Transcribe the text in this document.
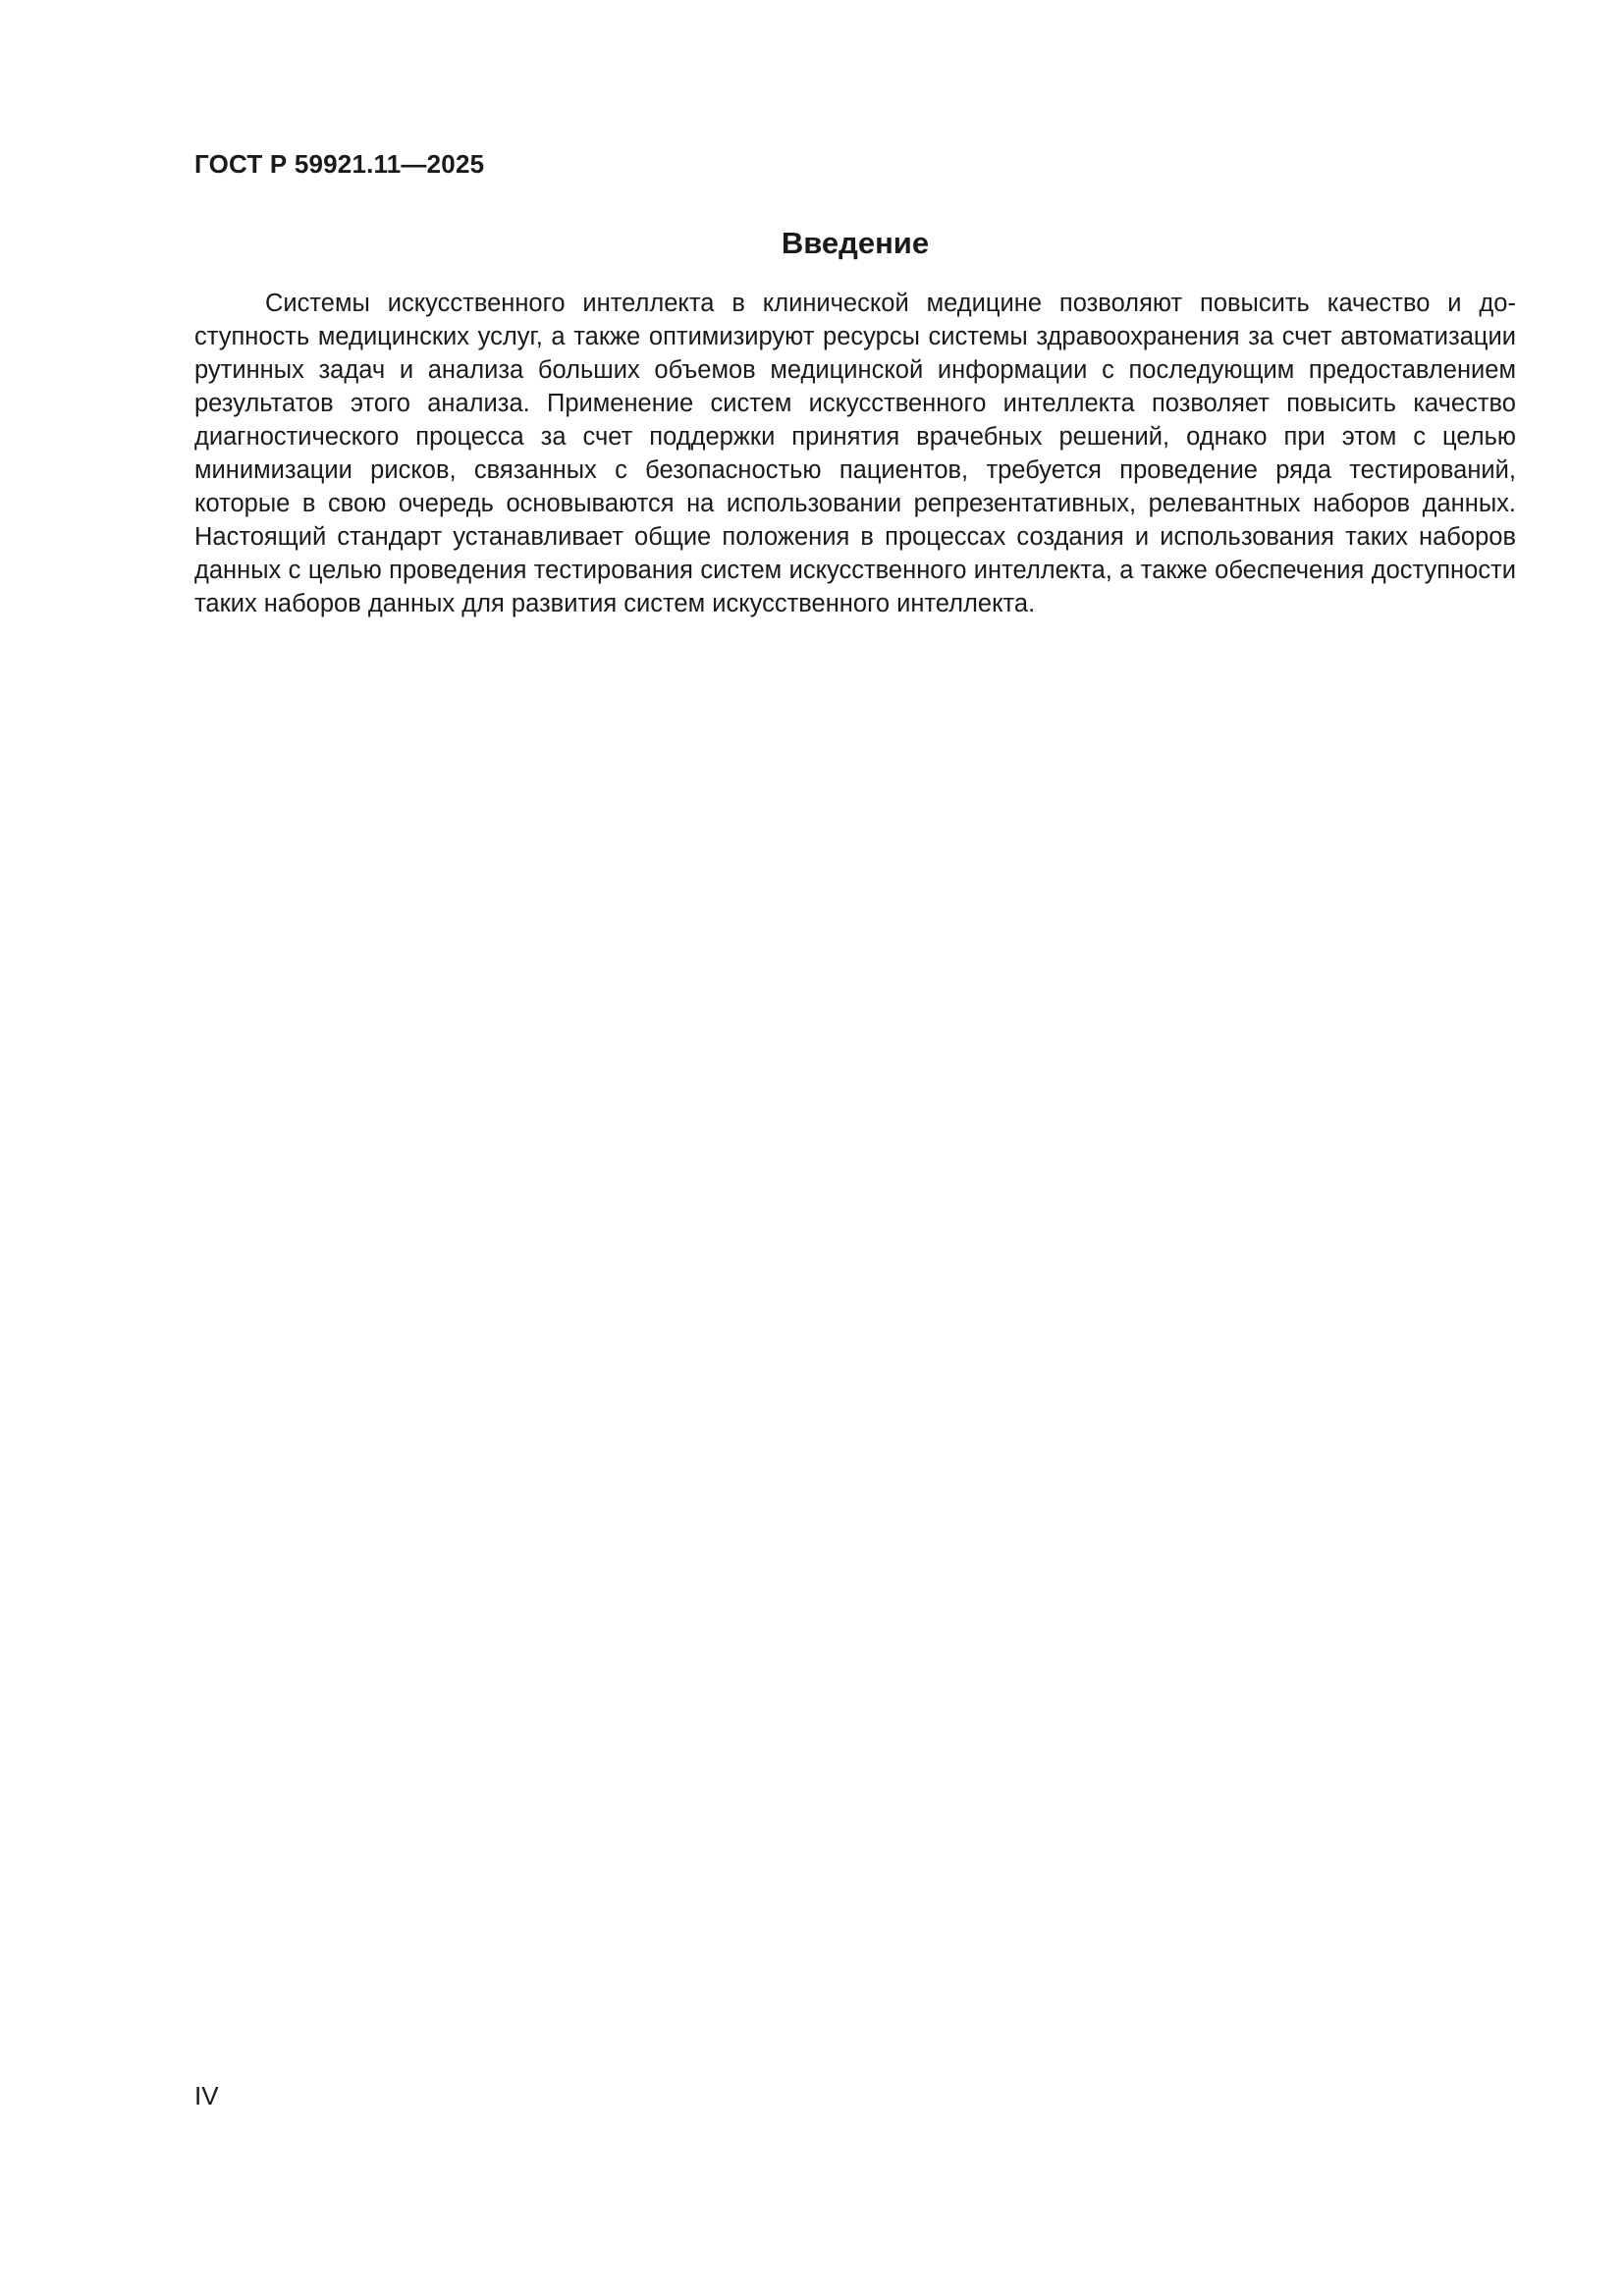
ГОСТ Р 59921.11—2025
Введение

Системы искусственного интеллекта в клинической медицине позволяют повысить качество и доступность медицинских услуг, а также оптимизируют ресурсы системы здравоохранения за счет автоматизации рутинных задач и анализа больших объемов медицинской информации с последующим предоставлением результатов этого анализа. Применение систем искусственного интеллекта позволяет повысить качество диагностического процесса за счет поддержки принятия врачебных решений, однако при этом с целью минимизации рисков, связанных с безопасностью пациентов, требуется проведение ряда тестирований, которые в свою очередь основываются на использовании репрезентативных, релевантных наборов данных. Настоящий стандарт устанавливает общие положения в процессах создания и использования таких наборов данных с целью проведения тестирования систем искусственного интеллекта, а также обеспечения доступности таких наборов данных для развития систем искусственного интеллекта.

IV
